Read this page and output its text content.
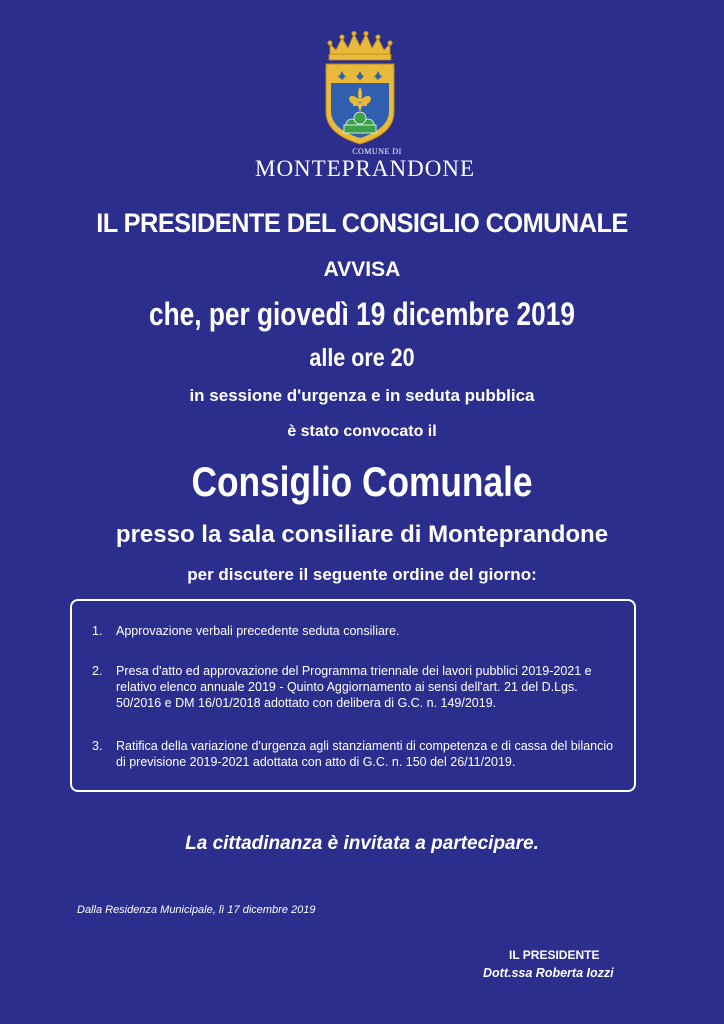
COMUNE DI
MONTEPRANDONE
IL PRESIDENTE DEL CONSIGLIO COMUNALE
AVVISA
che, per giovedì 19 dicembre 2019
alle ore 20
in sessione d'urgenza e in seduta pubblica
è stato convocato il
Consiglio Comunale
presso la sala consiliare di Monteprandone
per discutere il seguente ordine del giorno:
1.	Approvazione verbali precedente seduta consiliare.
2.	Presa d'atto ed approvazione del Programma triennale dei lavori pubblici 2019-2021 e relativo elenco annuale 2019 - Quinto Aggiornamento ai sensi dell'art. 21 del D.Lgs. 50/2016 e DM 16/01/2018 adottato con delibera di G.C. n. 149/2019.
3.	Ratifica della variazione d'urgenza agli stanziamenti di competenza e di cassa del bilancio di previsione 2019-2021 adottata con atto di G.C. n. 150 del 26/11/2019.
La cittadinanza è invitata a partecipare.
Dalla Residenza Municipale, lì 17 dicembre 2019
IL PRESIDENTE
Dott.ssa Roberta Iozzi
